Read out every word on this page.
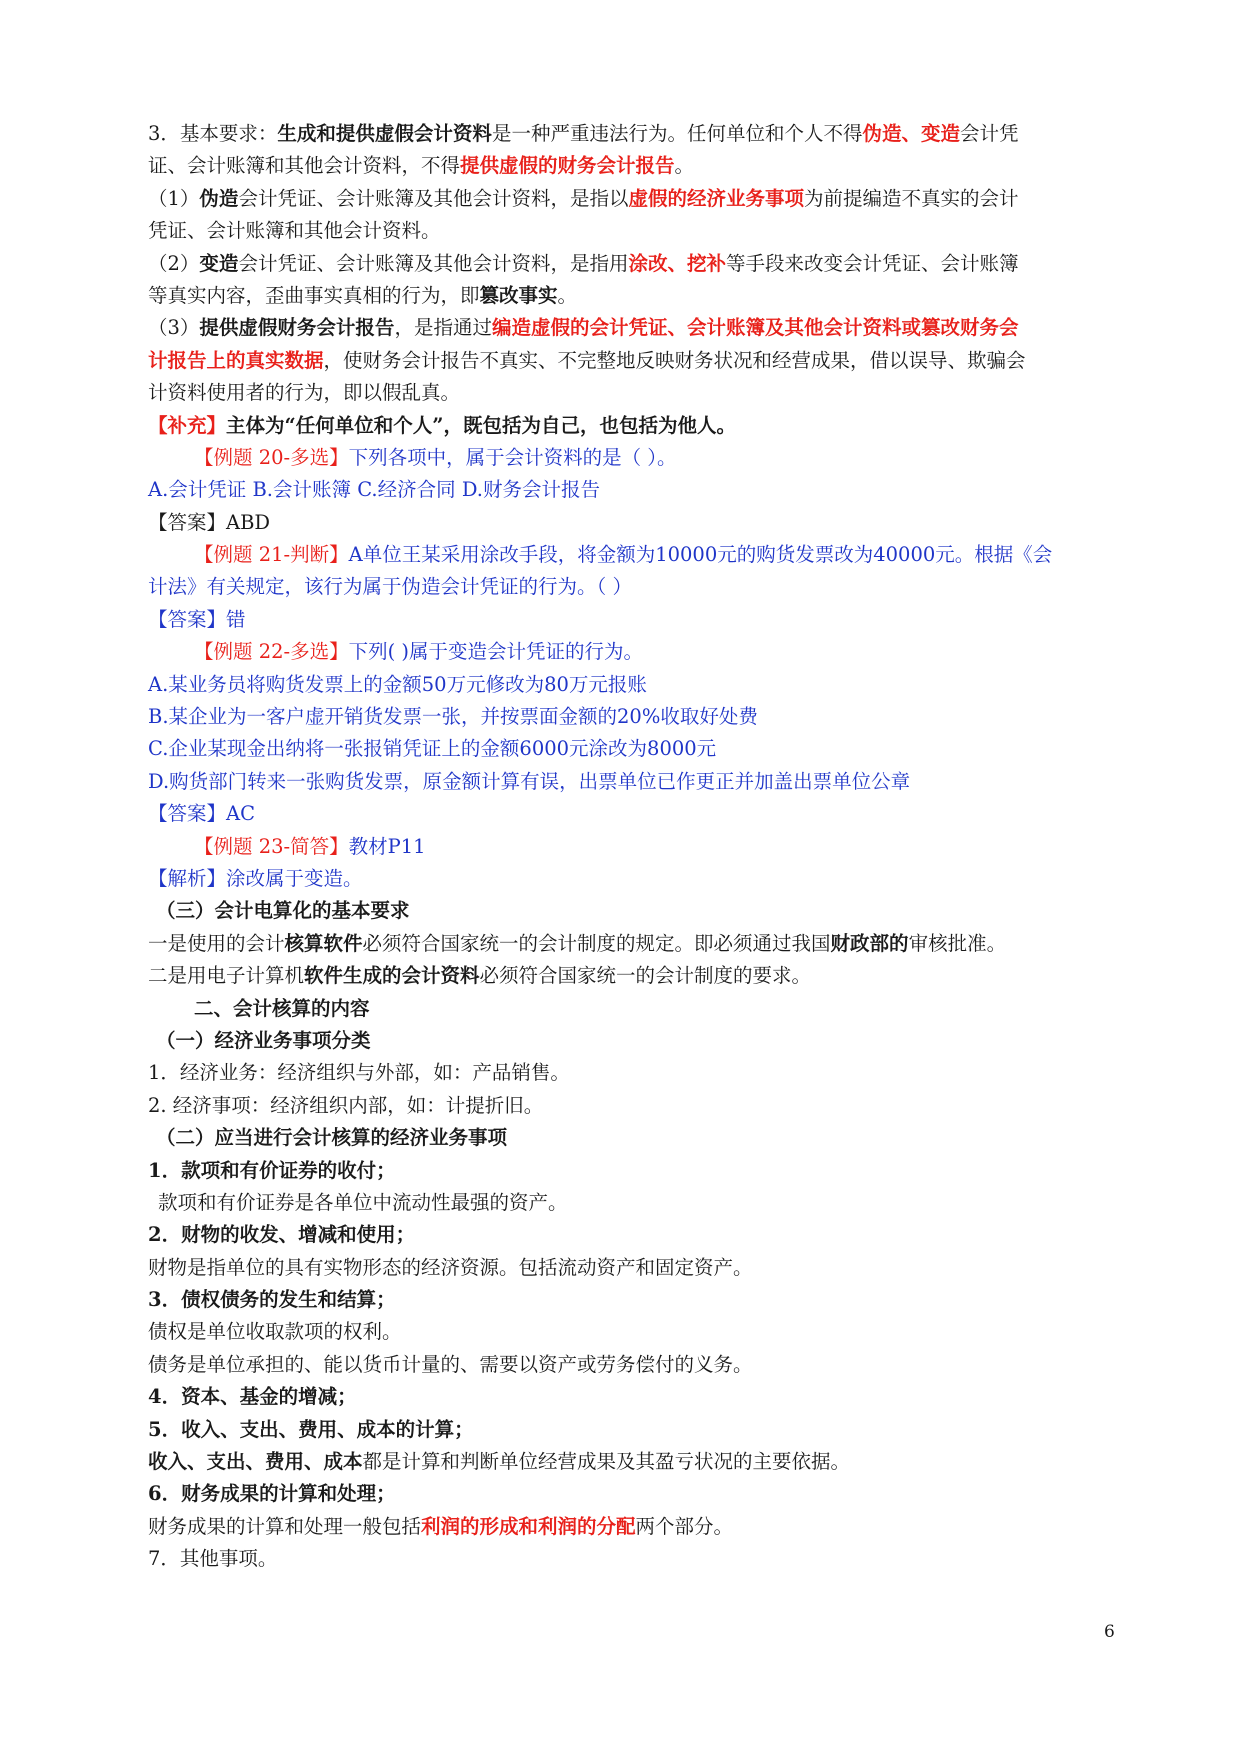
3．基本要求：生成和提供虚假会计资料是一种严重违法行为。任何单位和个人不得伪造、变造会计凭
证、会计账簿和其他会计资料，不得提供虚假的财务会计报告。
（1）伪造会计凭证、会计账簿及其他会计资料，是指以虚假的经济业务事项为前提编造不真实的会计
凭证、会计账簿和其他会计资料。
（2）变造会计凭证、会计账簿及其他会计资料，是指用涂改、挖补等手段来改变会计凭证、会计账簿
等真实内容，歪曲事实真相的行为，即篡改事实。
（3）提供虚假财务会计报告，是指通过编造虚假的会计凭证、会计账簿及其他会计资料或篡改财务会
计报告上的真实数据，使财务会计报告不真实、不完整地反映财务状况和经营成果，借以误导、欺骗会
计资料使用者的行为，即以假乱真。
【补充】主体为“任何单位和个人”，既包括为自己，也包括为他人。
【例题 20-多选】下列各项中，属于会计资料的是（ ）。
A.会计凭证 B.会计账簿 C.经济合同 D.财务会计报告
【答案】ABD
【例题 21-判断】A单位王某采用涂改手段，将金额为10000元的购货发票改为40000元。根据《会
计法》有关规定，该行为属于伪造会计凭证的行为。（ ）
【答案】错
【例题 22-多选】下列( )属于变造会计凭证的行为。
A.某业务员将购货发票上的金额50万元修改为80万元报账
B.某企业为一客户虚开销货发票一张，并按票面金额的20%收取好处费
C.企业某现金出纳将一张报销凭证上的金额6000元涂改为8000元
D.购货部门转来一张购货发票，原金额计算有误，出票单位已作更正并加盖出票单位公章
【答案】AC
【例题 23-简答】教材P11
【解析】涂改属于变造。
（三）会计电算化的基本要求
一是使用的会计核算软件必须符合国家统一的会计制度的规定。即必须通过我国财政部的审核批准。
二是用电子计算机软件生成的会计资料必须符合国家统一的会计制度的要求。
二、会计核算的内容
（一）经济业务事项分类
1．经济业务：经济组织与外部，如：产品销售。
2. 经济事项：经济组织内部，如：计提折旧。
（二）应当进行会计核算的经济业务事项
1．款项和有价证券的收付；
款项和有价证券是各单位中流动性最强的资产。
2．财物的收发、增减和使用；
财物是指单位的具有实物形态的经济资源。包括流动资产和固定资产。
3．债权债务的发生和结算；
债权是单位收取款项的权利。
债务是单位承担的、能以货币计量的、需要以资产或劳务偿付的义务。
4．资本、基金的增减；
5．收入、支出、费用、成本的计算；
收入、支出、费用、成本都是计算和判断单位经营成果及其盈亏状况的主要依据。
6．财务成果的计算和处理；
财务成果的计算和处理一般包括利润的形成和利润的分配两个部分。
7．其他事项。
6
